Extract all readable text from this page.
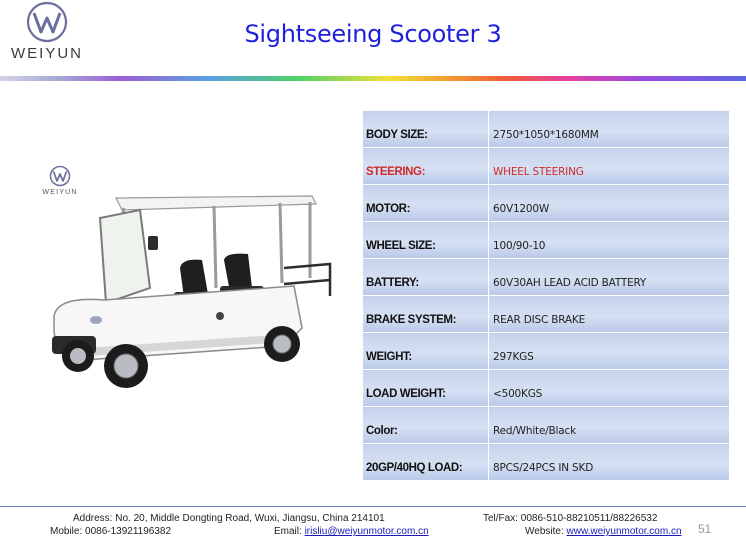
WEIYUN
Sightseeing Scooter 3
WEIYUN
BODY SIZE:	2750*1050*1680MM
STEERING:	WHEEL STEERING
MOTOR:	60V1200W
WHEEL SIZE:	100/90-10
BATTERY:	60V30AH LEAD ACID BATTERY
BRAKE SYSTEM:	REAR DISC BRAKE
WEIGHT:	297KGS
LOAD WEIGHT:	<500KGS
Color:	Red/White/Black
20GP/40HQ LOAD:	8PCS/24PCS IN SKD
Address: No. 20, Middle Dongting Road, Wuxi, Jiangsu, China 214101	Tel/Fax: 0086-510-88210511/88226532
Mobile: 0086-13921196382	Email: irisliu@weiyunmotor.com.cn	Website: www.weiyunmotor.com.cn 51
